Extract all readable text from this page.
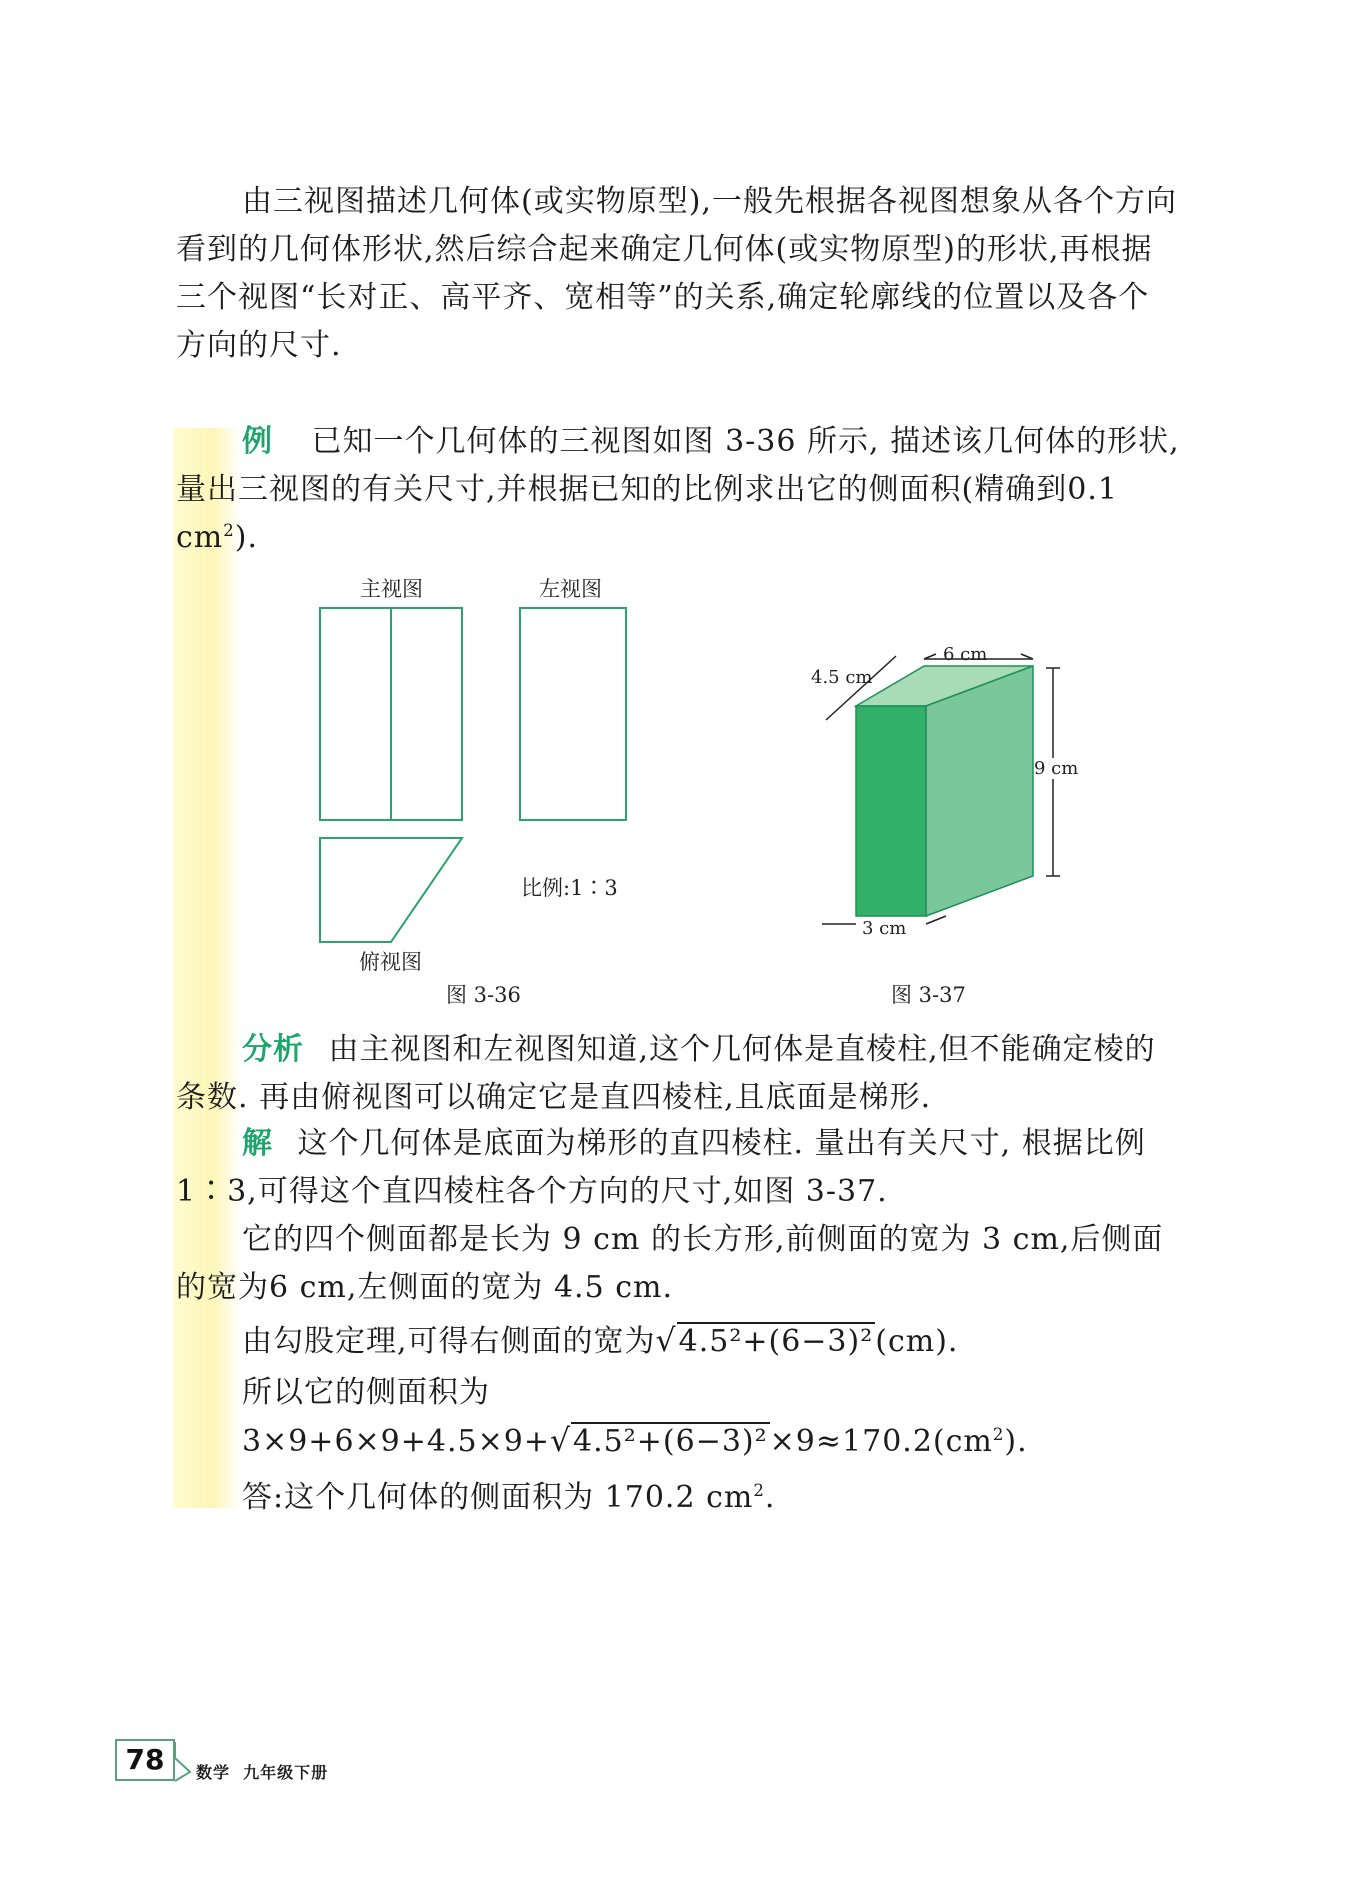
由三视图描述几何体(或实物原型),一般先根据各视图想象从各个方向看到的几何体形状,然后综合起来确定几何体(或实物原型)的形状,再根据三个视图“长对正、高平齐、宽相等”的关系,确定轮廓线的位置以及各个方向的尺寸.
例 已知一个几何体的三视图如图 3-36 所示, 描述该几何体的形状,量出三视图的有关尺寸,并根据已知的比例求出它的侧面积(精确到0.1 $cm^2$).
主视图	左视图
俯视图
比例:1∶3
图 3-36
6 cm
4.5 cm
9 cm
3 cm
图 3-37
分析 由主视图和左视图知道,这个几何体是直棱柱,但不能确定棱的条数. 再由俯视图可以确定它是直四棱柱,且底面是梯形.
解 这个几何体是底面为梯形的直四棱柱. 量出有关尺寸, 根据比例1∶3,可得这个直四棱柱各个方向的尺寸,如图 3-37.
它的四个侧面都是长为 9 cm 的长方形,前侧面的宽为 3 cm,后侧面的宽为6 cm,左侧面的宽为 4.5 cm.
由勾股定理,可得右侧面的宽为√4.5²+(6−3)²(cm).
所以它的侧面积为
$3\times 9+6\times 9+4.5\times 9+√4.5^2+(6-3)^2\times 9\approx 170.2(cm^2)$.
答:这个几何体的侧面积为 170.2 $cm^2$.
78	数学  九年级下册
